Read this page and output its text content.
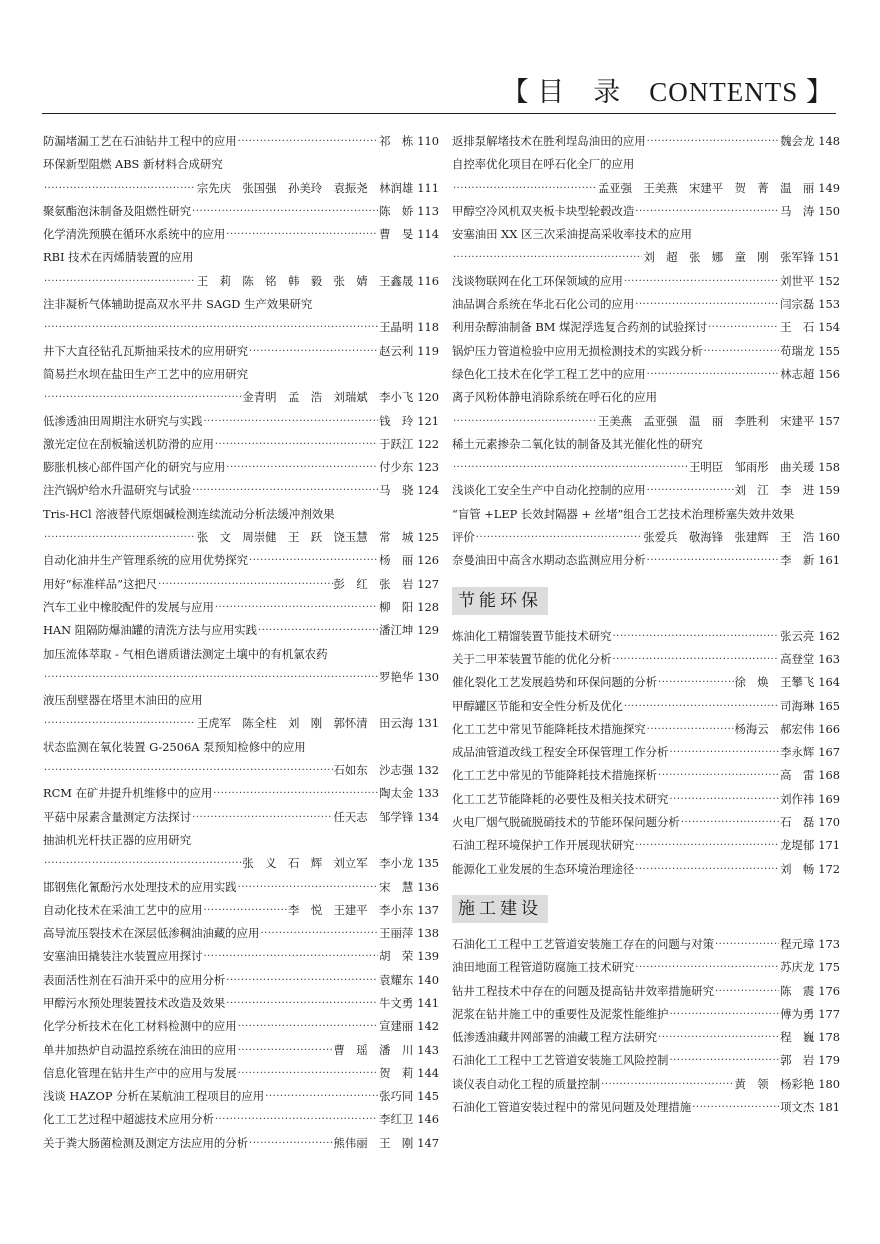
【 目　录　CONTENTS 】
防漏堵漏工艺在石油钻井工程中的应用 ·····	祁　栋 110
环保新型阻燃 ABS 新材料合成研究
·····
宗先庆　张国强　孙美玲　袁振尧　林润雄 111
聚氨酯泡沫制备及阻燃性研究 ·····	陈　娇 113
化学清洗预膜在循环水系统中的应用 ·····	曹　旻 114
RBI 技术在丙烯腈装置的应用
·····
王　莉　陈　铭　韩　毅　张　婧　王鑫晟 116
注非凝析气体辅助提高双水平井 SAGD 生产效果研究
·····
王晶明 118
井下大直径钻孔瓦斯抽采技术的应用研究 ·····	赵云利 119
简易拦水坝在盐田生产工艺中的应用研究
·····
金青明　孟　浩　刘瑞斌　李小飞 120
低渗透油田周期注水研究与实践 ·····	钱　玲 121
激光定位在刮板输送机防滑的应用 ·····	于跃江 122
膨胀机核心部件国产化的研究与应用 ·····	付少东 123
注汽锅炉给水升温研究与试验 ·····	马　骁 124
Tris-HCl 溶液替代原烟碱检测连续流动分析法缓冲剂效果
·····
张　文　周崇健　王　跃　饶玉慧　常　城 125
自动化油井生产管理系统的应用优势探究 ·····	杨　丽 126
用好“标准样品”这把尺 ·····	彭　红　张　岩 127
汽车工业中橡胶配件的发展与应用 ·····	柳　阳 128
HAN 阻隔防爆油罐的清洗方法与应用实践 ·····	潘江坤 129
加压流体萃取 - 气相色谱质谱法测定土壤中的有机氯农药
·····
罗艳华 130
液压刮壁器在塔里木油田的应用
·····
王虎军　陈全柱　刘　刚　郭怀清　田云海 131
状态监测在氧化装置 G-2506A 泵预知检修中的应用
·····
石如东　沙志强 132
RCM 在矿井提升机维修中的应用 ·····	陶太金 133
平菇中尿素含量测定方法探讨 ·····	任天志　邹学锋 134
抽油机光杆扶正器的应用研究
·····
张　义　石　辉　刘立军　李小龙 135
邯钢焦化氰酚污水处理技术的应用实践 ·····	宋　慧 136
自动化技术在采油工艺中的应用 ·····	李　悦　王建平　李小东 137
高导流压裂技术在深层低渗稠油油藏的应用 ·····	王丽萍 138
安塞油田撬装注水装置应用探讨 ·····	胡　荣 139
表面活性剂在石油开采中的应用分析 ·····	袁耀东 140
甲醇污水预处理装置技术改造及效果 ·····	牛文勇 141
化学分析技术在化工材料检测中的应用 ·····	宣建丽 142
单井加热炉自动温控系统在油田的应用 ·····	曹　瑶　潘　川 143
信息化管理在钻井生产中的应用与发展 ·····	贺　莉 144
浅谈 HAZOP 分析在某航油工程项目的应用 ·····	张巧同 145
化工工艺过程中超滤技术应用分析 ·····	李红卫 146
关于粪大肠菌检测及测定方法应用的分析 ·····	熊伟丽　王　刚 147
返排泵解堵技术在胜利埕岛油田的应用 ·····	魏会龙 148
自控率优化项目在呼石化全厂的应用
·····
孟亚强　王美燕　宋建平　贺　菁　温　丽 149
甲醇空冷风机双夹板卡块型轮毂改造 ·····	马　涛 150
安塞油田 XX 区三次采油提高采收率技术的应用
·····
刘　超　张　娜　童　刚　张军锋 151
浅谈物联网在化工环保领域的应用 ·····	刘世平 152
油品调合系统在华北石化公司的应用 ·····	闫宗磊 153
利用杂醇油制备 BM 煤泥浮选复合药剂的试验探讨 ·····	王　石 154
锅炉压力管道检验中应用无损检测技术的实践分析 ·····	苟瑞龙 155
绿色化工技术在化学工程工艺中的应用 ·····	林志超 156
离子风粉体静电消除系统在呼石化的应用
·····
王美燕　孟亚强　温　丽　李胜利　宋建平 157
稀土元素掺杂二氧化钛的制备及其光催化性的研究
·····
王明臣　邹雨彤　曲关瑗 158
浅谈化工安全生产中自动化控制的应用 ·····	刘　江　李　进 159
“盲管 +LEP 长效封隔器 + 丝堵”组合工艺技术治理桥塞失效井效果
评价 ·····	张爱兵　敬海锋　张建辉　王　浩 160
奈曼油田中高含水期动态监测应用分析 ·····	李　新 161
节能环保
炼油化工精馏装置节能技术研究 ·····	张云亮 162
关于二甲苯装置节能的优化分析 ·····	高登堂 163
催化裂化工艺发展趋势和环保问题的分析 ·····	徐　焕　王攀飞 164
甲醇罐区节能和安全性分析及优化 ·····	司海琳 165
化工工艺中常见节能降耗技术措施探究 ·····	杨海云　郝宏伟 166
成品油管道改线工程安全环保管理工作分析 ·····	李永辉 167
化工工艺中常见的节能降耗技术措施探析 ·····	高　雷 168
化工工艺节能降耗的必要性及相关技术研究 ·····	刘作祎 169
火电厂烟气脱硫脱硝技术的节能环保问题分析 ·····	石　磊 170
石油工程环境保护工作开展现状研究 ·····	龙堤郁 171
能源化工业发展的生态环境治理途径 ·····	刘　畅 172
施工建设
石油化工工程中工艺管道安装施工存在的问题与对策 ·····	程元璋 173
油田地面工程管道防腐施工技术研究 ·····	苏庆龙 175
钻井工程技术中存在的问题及提高钻井效率措施研究 ·····	陈　震 176
泥浆在钻井施工中的重要性及泥浆性能维护 ·····	傅为勇 177
低渗透油藏井网部署的油藏工程方法研究 ·····	程　巍 178
石油化工工程中工艺管道安装施工风险控制 ·····	郭　岩 179
谈仪表自动化工程的质量控制 ·····	黄　领　杨彩艳 180
石油化工管道安装过程中的常见问题及处理措施 ·····	项文杰 181
